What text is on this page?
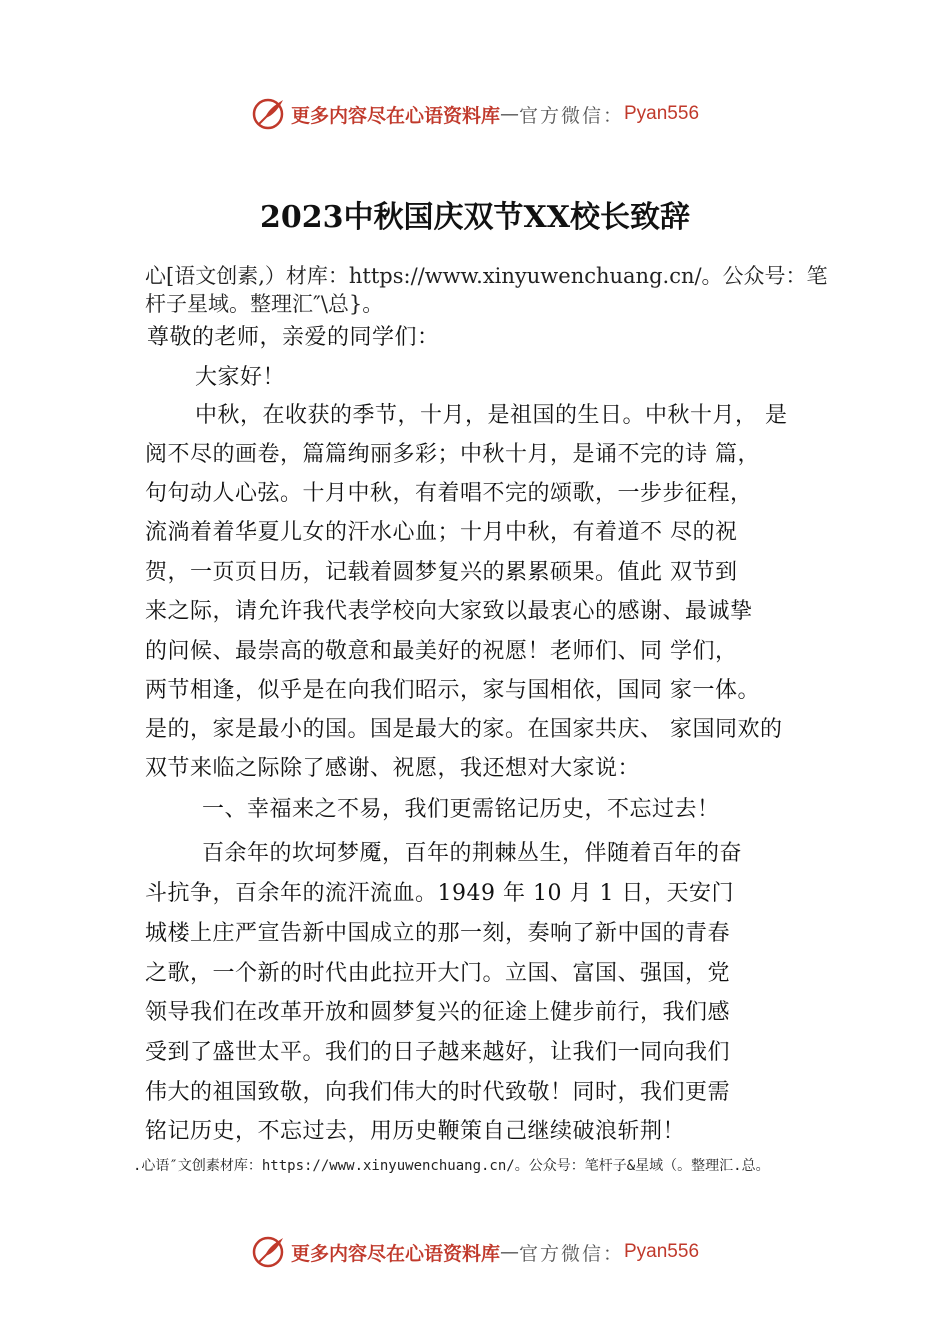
更多内容尽在心语资料库 — 官方微信： Pyan556
2023中秋国庆双节XX校长致辞
心[语文创素,）材库：https://www.xinyuwenchuang.cn/。公众号：笔杆子星域。整理汇″\总}。
尊敬的老师，亲爱的同学们：
大家好！
中秋，在收获的季节，十月，是祖国的生日。中秋十月， 是
阅不尽的画卷，篇篇绚丽多彩；中秋十月，是诵不完的诗 篇，
句句动人心弦。十月中秋，有着唱不完的颂歌，一步步征程，
流淌着着华夏儿女的汗水心血；十月中秋，有着道不 尽的祝
贺，一页页日历，记载着圆梦复兴的累累硕果。值此 双节到
来之际，请允许我代表学校向大家致以最衷心的感谢、最诚挚
的问候、最崇高的敬意和最美好的祝愿！老师们、同 学们，
两节相逢，似乎是在向我们昭示，家与国相依，国同 家一体。
是的，家是最小的国。国是最大的家。在国家共庆、 家国同欢的
双节来临之际除了感谢、祝愿，我还想对大家说：
一、幸福来之不易，我们更需铭记历史，不忘过去！
百余年的坎坷梦魇，百年的荆棘丛生，伴随着百年的奋
斗抗争，百余年的流汗流血。1949 年 10 月 1 日，天安门
城楼上庄严宣告新中国成立的那一刻，奏响了新中国的青春
之歌，一个新的时代由此拉开大门。立国、富国、强国，党
领导我们在改革开放和圆梦复兴的征途上健步前行，我们感
受到了盛世太平。我们的日子越来越好，让我们一同向我们
伟大的祖国致敬，向我们伟大的时代致敬！同时，我们更需
铭记历史，不忘过去，用历史鞭策自己继续破浪斩荆！
.心语″文创素材库：https://www.xinyuwenchuang.cn/。公众号：笔杆子&星域（。整理汇.总。
更多内容尽在心语资料库 — 官方微信： Pyan556
